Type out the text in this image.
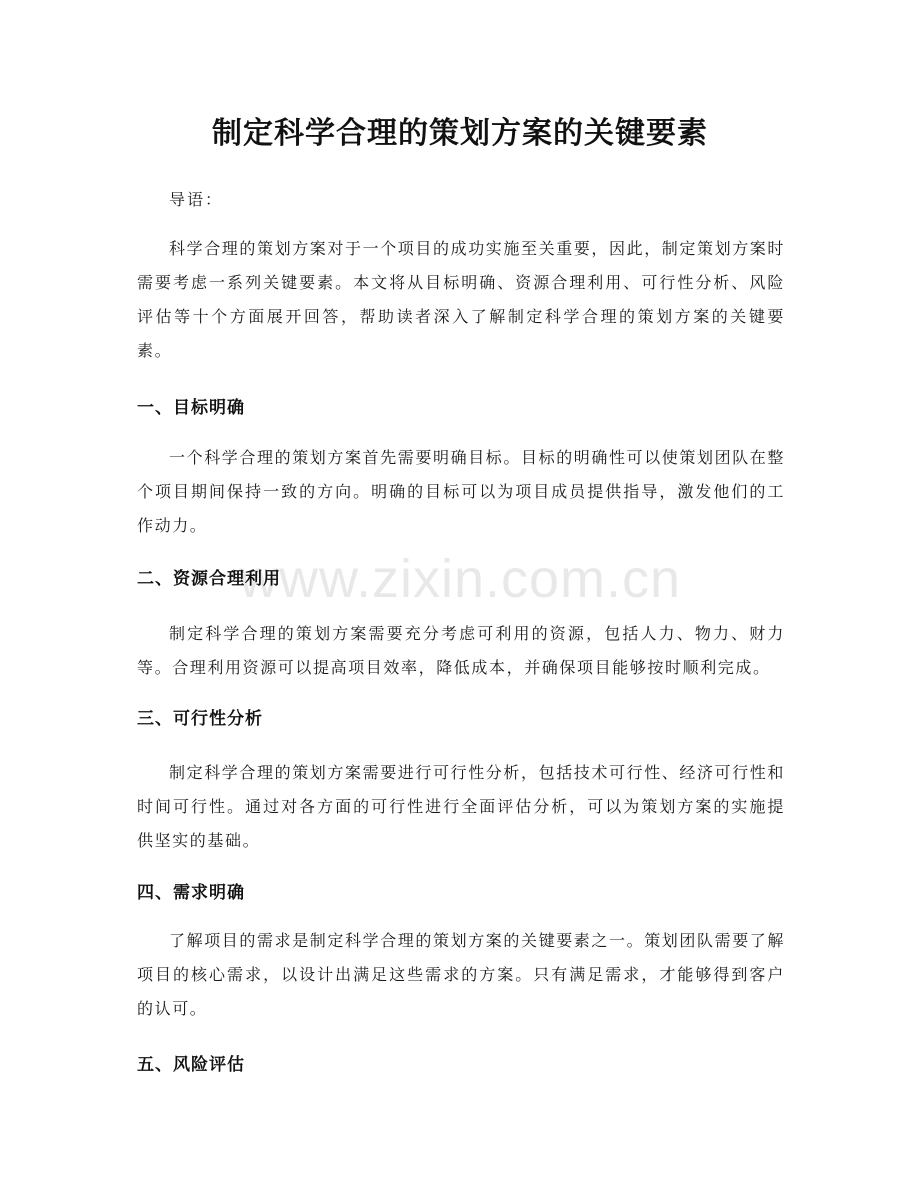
制定科学合理的策划方案的关键要素
导语：
科学合理的策划方案对于一个项目的成功实施至关重要，因此，制定策划方案时需要考虑一系列关键要素。本文将从目标明确、资源合理利用、可行性分析、风险评估等十个方面展开回答，帮助读者深入了解制定科学合理的策划方案的关键要素。
一、目标明确
一个科学合理的策划方案首先需要明确目标。目标的明确性可以使策划团队在整个项目期间保持一致的方向。明确的目标可以为项目成员提供指导，激发他们的工作动力。
二、资源合理利用
制定科学合理的策划方案需要充分考虑可利用的资源，包括人力、物力、财力等。合理利用资源可以提高项目效率，降低成本，并确保项目能够按时顺利完成。
三、可行性分析
制定科学合理的策划方案需要进行可行性分析，包括技术可行性、经济可行性和时间可行性。通过对各方面的可行性进行全面评估分析，可以为策划方案的实施提供坚实的基础。
四、需求明确
了解项目的需求是制定科学合理的策划方案的关键要素之一。策划团队需要了解项目的核心需求，以设计出满足这些需求的方案。只有满足需求，才能够得到客户的认可。
五、风险评估
www.zixin.com.cn
